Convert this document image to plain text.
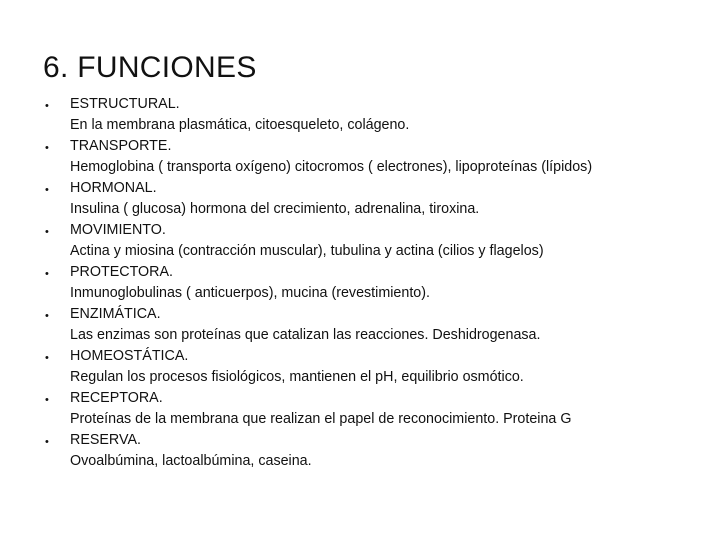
6. FUNCIONES
•	ESTRUCTURAL.
En la membrana plasmática, citoesqueleto, colágeno.
•	TRANSPORTE.
Hemoglobina ( transporta oxígeno) citocromos ( electrones), lipoproteínas (lípidos)
•	HORMONAL.
Insulina ( glucosa) hormona del crecimiento, adrenalina, tiroxina.
•	MOVIMIENTO.
Actina y miosina (contracción muscular), tubulina y actina (cilios y flagelos)
•	PROTECTORA.
Inmunoglobulinas ( anticuerpos), mucina (revestimiento).
•	ENZIMÁTICA.
Las enzimas son proteínas que catalizan las reacciones. Deshidrogenasa.
•	HOMEOSTÁTICA.
Regulan los procesos fisiológicos, mantienen el pH, equilibrio osmótico.
•	RECEPTORA.
Proteínas de la membrana que realizan el papel de reconocimiento. Proteina G
•	RESERVA.
Ovoalbúmina, lactoalbúmina, caseina.
